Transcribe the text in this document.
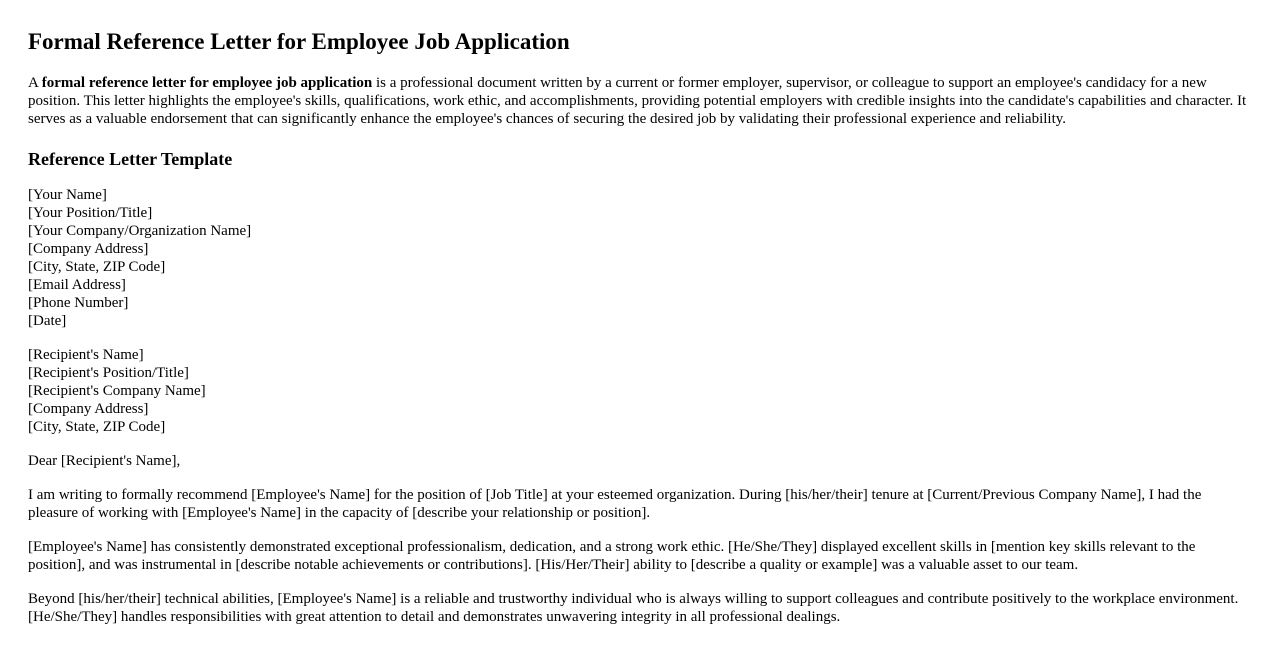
Formal Reference Letter for Employee Job Application

A formal reference letter for employee job application is a professional document written by a current or former employer, supervisor, or colleague to support an employee's candidacy for a new position. This letter highlights the employee's skills, qualifications, work ethic, and accomplishments, providing potential employers with credible insights into the candidate's capabilities and character. It serves as a valuable endorsement that can significantly enhance the employee's chances of securing the desired job by validating their professional experience and reliability.

Reference Letter Template
[Your Name]
[Your Position/Title]
[Your Company/Organization Name]
[Company Address]
[City, State, ZIP Code]
[Email Address]
[Phone Number]
[Date]
[Recipient's Name]
[Recipient's Position/Title]
[Recipient's Company Name]
[Company Address]
[City, State, ZIP Code]

Dear [Recipient's Name],

I am writing to formally recommend [Employee's Name] for the position of [Job Title] at your esteemed organization. During [his/her/their] tenure at [Current/Previous Company Name], I had the pleasure of working with [Employee's Name] in the capacity of [describe your relationship or position].

[Employee's Name] has consistently demonstrated exceptional professionalism, dedication, and a strong work ethic. [He/She/They] displayed excellent skills in [mention key skills relevant to the position], and was instrumental in [describe notable achievements or contributions]. [His/Her/Their] ability to [describe a quality or example] was a valuable asset to our team.

Beyond [his/her/their] technical abilities, [Employee's Name] is a reliable and trustworthy individual who is always willing to support colleagues and contribute positively to the workplace environment. [He/She/They] handles responsibilities with great attention to detail and demonstrates unwavering integrity in all professional dealings.
